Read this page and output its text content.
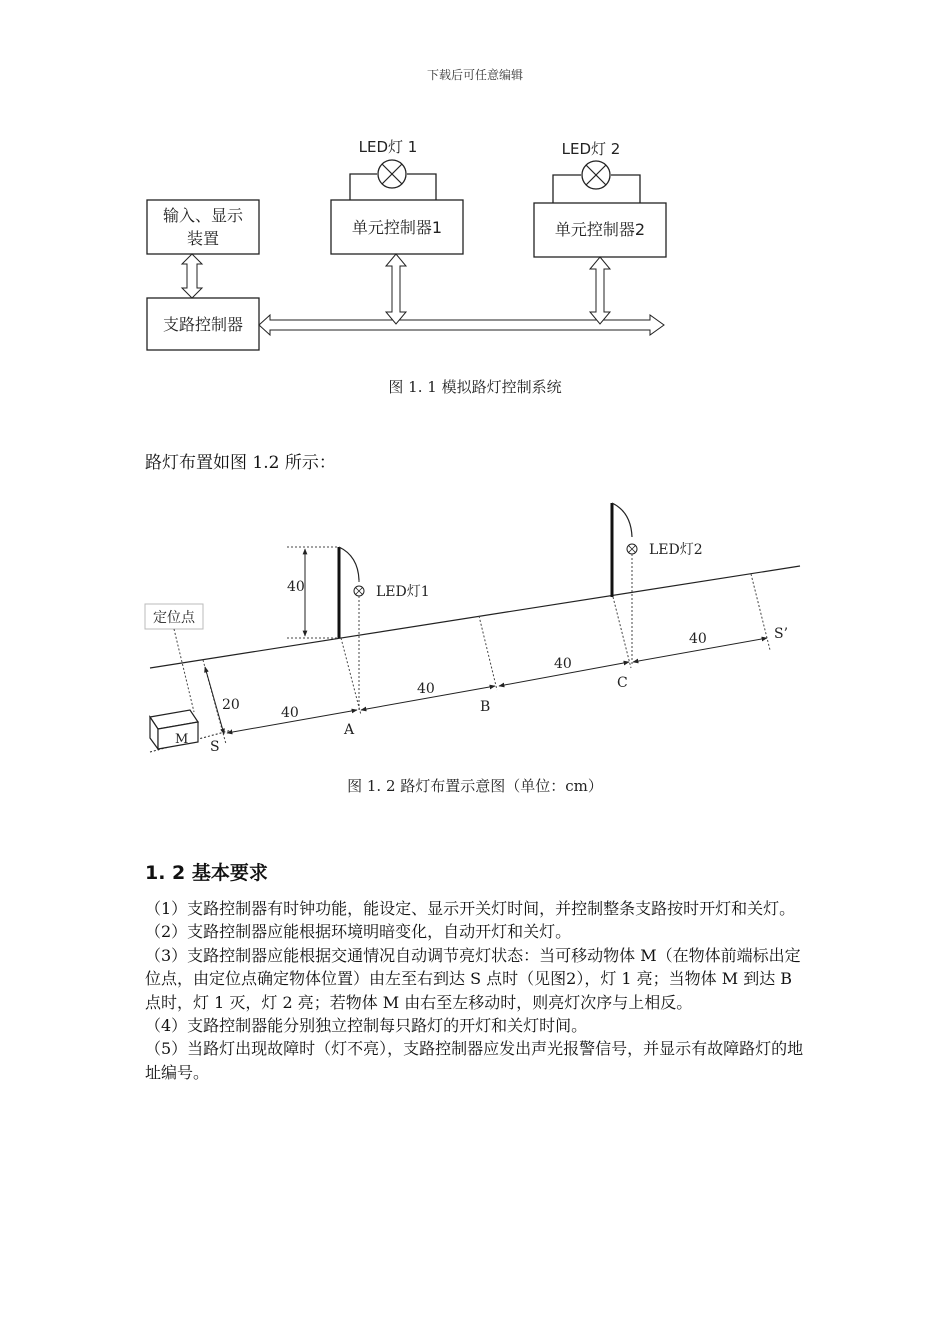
下载后可任意编辑
LED灯 1	LED灯 2
输入、显示
装置
单元控制器1	单元控制器2
支路控制器
图 1. 1 模拟路灯控制系统
路灯布置如图 1.2 所示：
LED灯1
40
LED灯2
20
定位点
M
40
40
40
40
S
A
B
C
S’
图 1. 2 路灯布置示意图（单位：cm）
1. 2 基本要求

（1）支路控制器有时钟功能，能设定、显示开关灯时间，并控制整条支路按时开灯和关灯。

（2）支路控制器应能根据环境明暗变化，自动开灯和关灯。

（3）支路控制器应能根据交通情况自动调节亮灯状态：当可移动物体 M（在物体前端标出定位点，由定位点确定物体位置）由左至右到达 S 点时（见图2），灯 1 亮；当物体 M 到达 B 点时，灯 1 灭，灯 2 亮；若物体 M 由右至左移动时，则亮灯次序与上相反。

（4）支路控制器能分别独立控制每只路灯的开灯和关灯时间。

（5）当路灯出现故障时（灯不亮），支路控制器应发出声光报警信号，并显示有故障路灯的地址编号。
